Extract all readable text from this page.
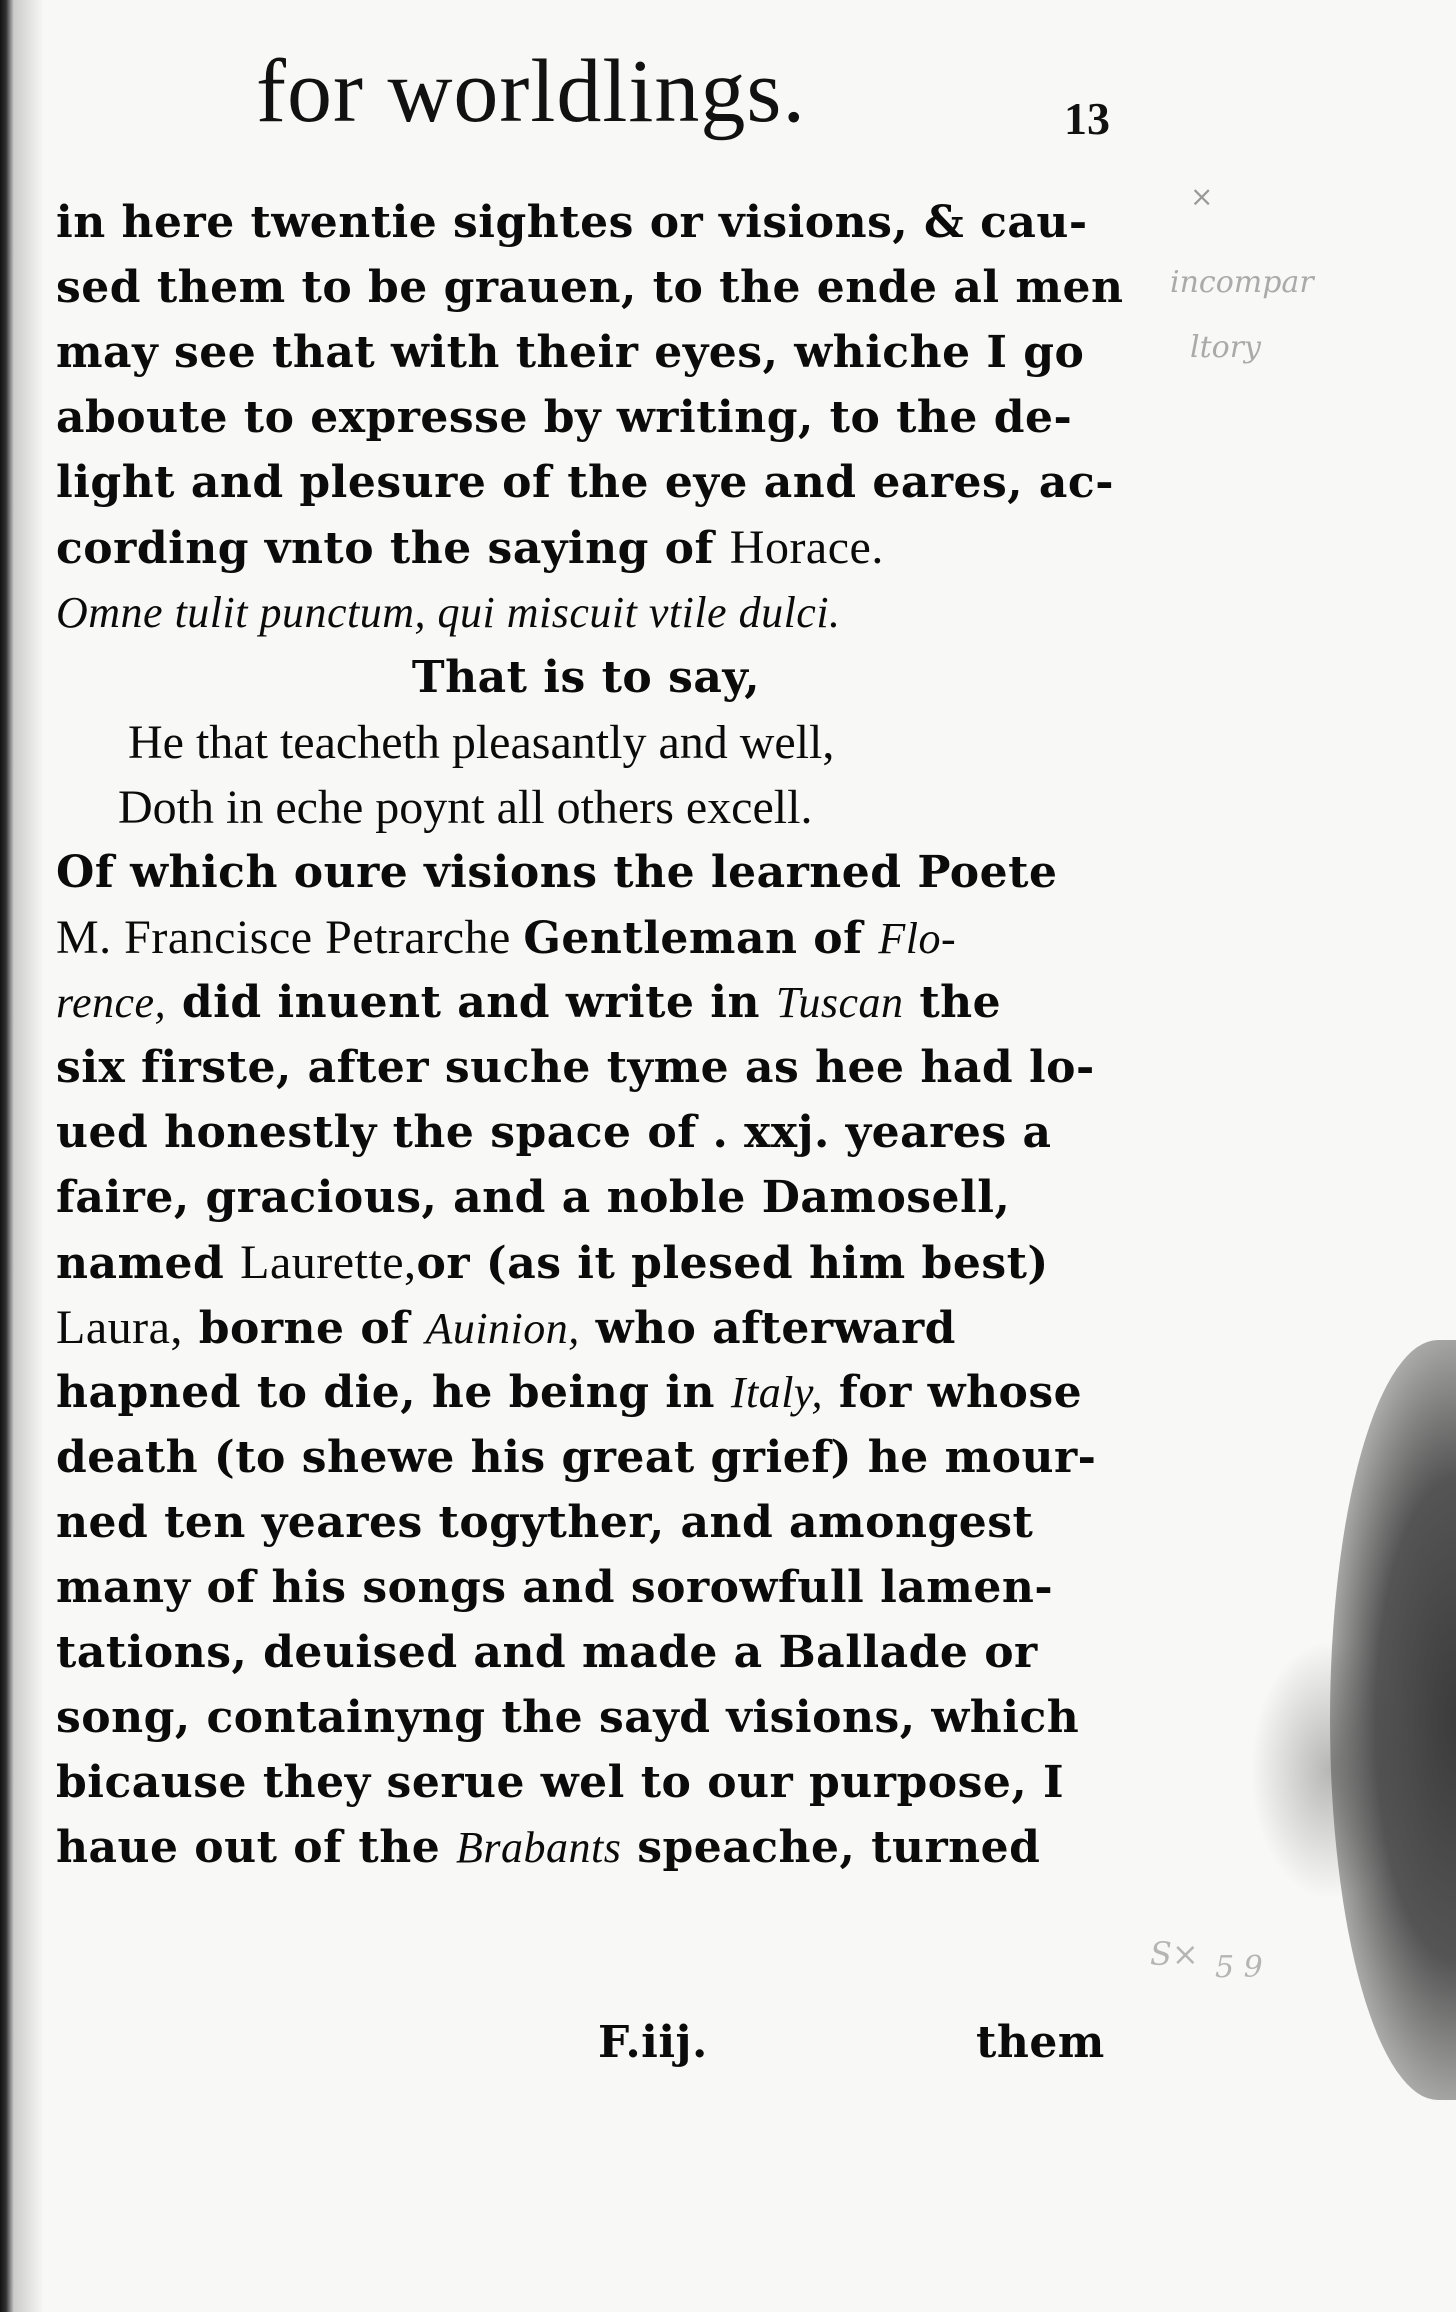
for worldlings.	13
×
incompar
ltory
S× 5 9
in here twentie sightes or visions, & cau-
sed them to be grauen, to the ende al men
may see that with their eyes, whiche I go
aboute to expresse by writing, to the de-
light and plesure of the eye and eares, ac-
cording vnto the saying of Horace.
Omne tulit punctum, qui miscuit vtile dulci.
That is to say,
He that teacheth pleasantly and well,
Doth in eche poynt all others excell.
Of which oure visions the learned Poete
M. Francisce Petrarche Gentleman of Flo-
rence, did inuent and write in Tuscan the
six firste, after suche tyme as hee had lo-
ued honestly the space of . xxj. yeares a
faire, gracious, and a noble Damosell,
named Laurette,or (as it plesed him best)
Laura, borne of Auinion, who afterward
hapned to die, he being in Italy, for whose
death (to shewe his great grief) he mour-
ned ten yeares togyther, and amongest
many of his songs and sorowfull lamen-
tations, deuised and made a Ballade or
song, containyng the sayd visions, which
bicause they serue wel to our purpose, I
haue out of the Brabants speache, turned
F.iij.	them
